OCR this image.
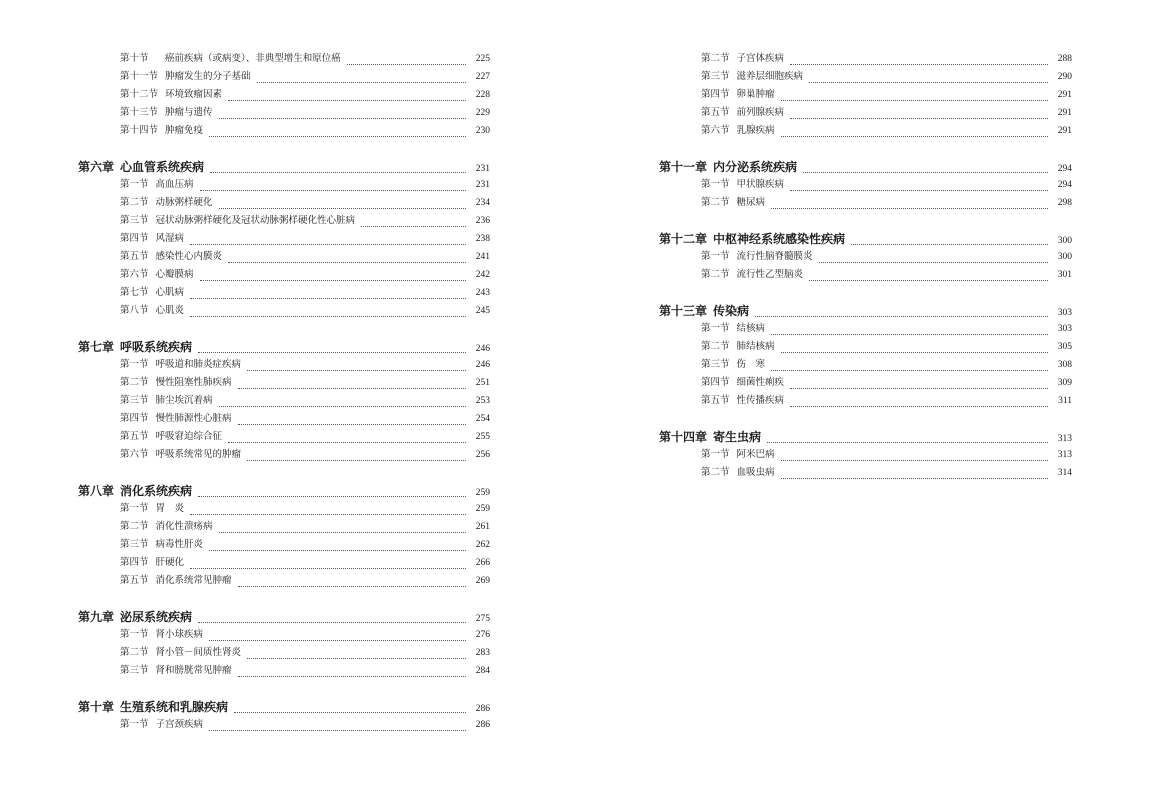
第十节 　癌前疾病（或病变）、非典型增生和原位癌	225
第十一节 肿瘤发生的分子基础	227
第十二节 环境致瘤因素	228
第十三节 肿瘤与遗传	229
第十四节 肿瘤免疫	230
第六章 心血管系统疾病	231
第一节 高血压病	231
第二节 动脉粥样硬化	234
第三节 冠状动脉粥样硬化及冠状动脉粥样硬化性心脏病	236
第四节 风湿病	238
第五节 感染性心内膜炎	241
第六节 心瓣膜病	242
第七节 心肌病	243
第八节 心肌炎	245
第七章 呼吸系统疾病	246
第一节 呼吸道和肺炎症疾病	246
第二节 慢性阻塞性肺疾病	251
第三节 肺尘埃沉着病	253
第四节 慢性肺源性心脏病	254
第五节 呼吸窘迫综合征	255
第六节 呼吸系统常见的肿瘤	256
第八章 消化系统疾病	259
第一节 胃　炎	259
第二节 消化性溃疡病	261
第三节 病毒性肝炎	262
第四节 肝硬化	266
第五节 消化系统常见肿瘤	269
第九章 泌尿系统疾病	275
第一节 肾小球疾病	276
第二节 肾小管－间质性肾炎	283
第三节 肾和膀胱常见肿瘤	284
第十章 生殖系统和乳腺疾病	286
第一节 子宫颈疾病	286
第二节 子宫体疾病	288
第三节 滋养层细胞疾病	290
第四节 卵巢肿瘤	291
第五节 前列腺疾病	291
第六节 乳腺疾病	291
第十一章 内分泌系统疾病	294
第一节 甲状腺疾病	294
第二节 糖尿病	298
第十二章 中枢神经系统感染性疾病	300
第一节 流行性脑脊髓膜炎	300
第二节 流行性乙型脑炎	301
第十三章 传染病	303
第一节 结核病	303
第二节 肺结核病	305
第三节 伤　寒	308
第四节 细菌性痢疾	309
第五节 性传播疾病	311
第十四章 寄生虫病	313
第一节 阿米巴病	313
第二节 血吸虫病	314
